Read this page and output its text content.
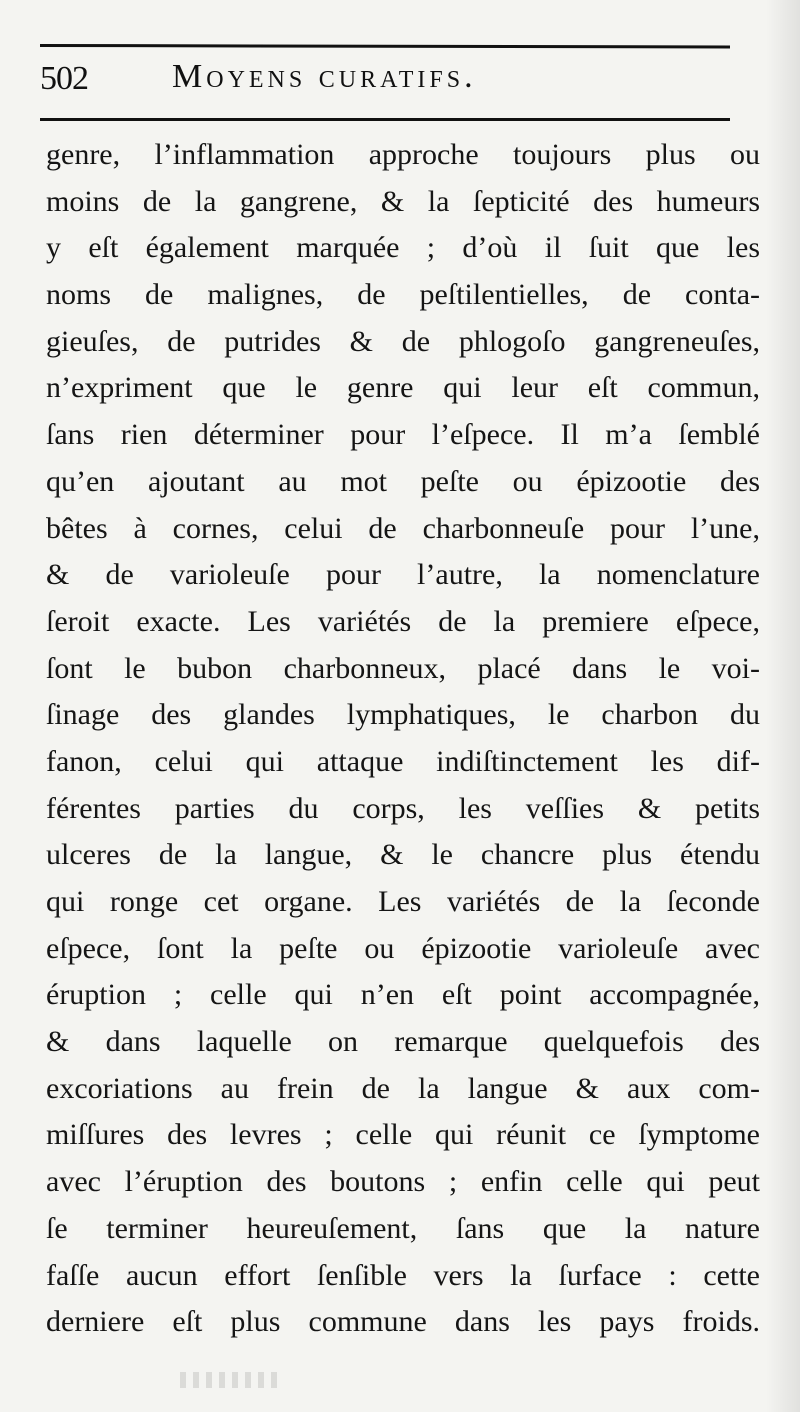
502 Moyens curatifs.
genre, l’inflammation approche toujours plus ou
moins de la gangrene, & la ſepticité des humeurs
y eſt également marquée ; d’où il ſuit que les
noms de malignes, de peſtilentielles, de conta-
gieuſes, de putrides & de phlogoſo gangreneuſes,
n’expriment que le genre qui leur eſt commun,
ſans rien déterminer pour l’eſpece. Il m’a ſemblé
qu’en ajoutant au mot peſte ou épizootie des
bêtes à cornes, celui de charbonneuſe pour l’une,
& de varioleuſe pour l’autre, la nomenclature
ſeroit exacte. Les variétés de la premiere eſpece,
ſont le bubon charbonneux, placé dans le voi-
ſinage des glandes lymphatiques, le charbon du
fanon, celui qui attaque indiſtinctement les dif-
férentes parties du corps, les veſſies & petits
ulceres de la langue, & le chancre plus étendu
qui ronge cet organe. Les variétés de la ſeconde
eſpece, ſont la peſte ou épizootie varioleuſe avec
éruption ; celle qui n’en eſt point accompagnée,
& dans laquelle on remarque quelquefois des
excoriations au frein de la langue & aux com-
miſſures des levres ; celle qui réunit ce ſymptome
avec l’éruption des boutons ; enfin celle qui peut
ſe terminer heureuſement, ſans que la nature
faſſe aucun effort ſenſible vers la ſurface : cette
derniere eſt plus commune dans les pays froids.
